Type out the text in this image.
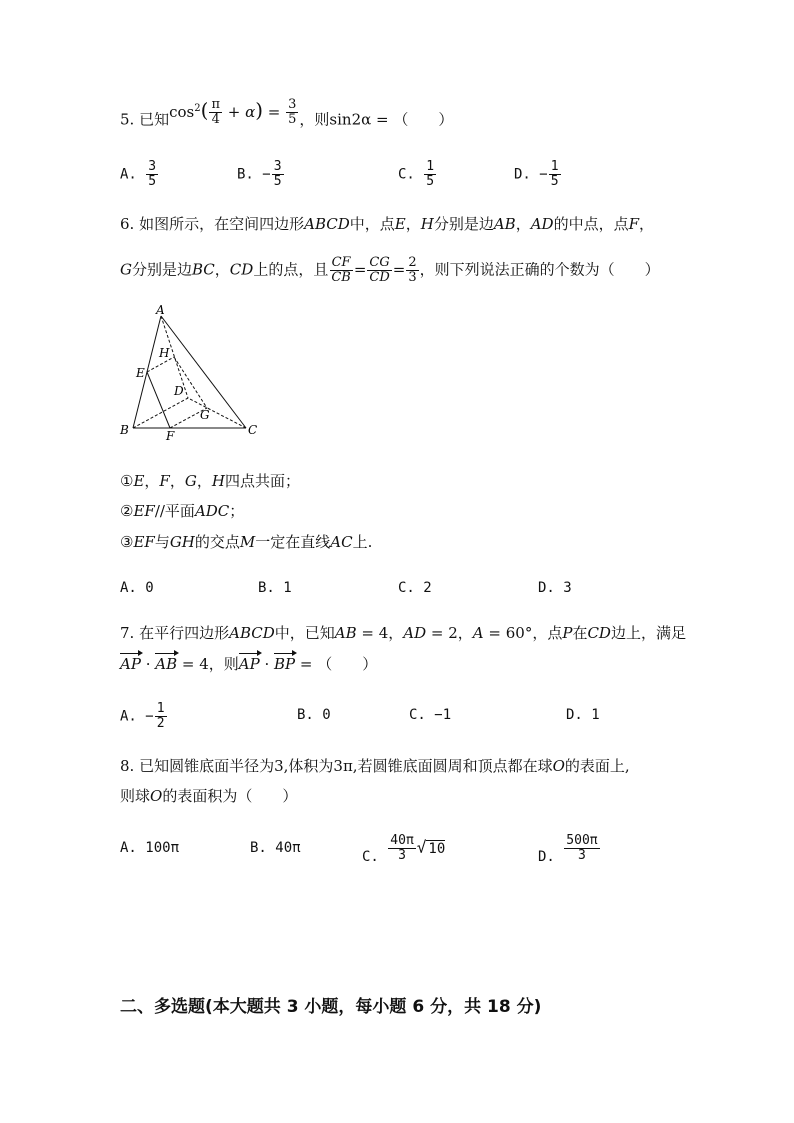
5. 已知$\cos^2( \frac{\pi}{4} + \alpha) = \frac{3}{5}$ ，则sin2α = （　　）
A. $\frac{3}{5}$	B. − $\frac{3}{5}$	C. $\frac{1}{5}$	D. − $\frac{1}{5}$
6. 如图所示，在空间四边形ABCD中，点E，H分别是边AB，AD的中点，点F，
G分别是边BC，CD上的点，且 $\frac{CF}{CB} = \frac{CG}{CD} = \frac{2}{3}$ ，则下列说法正确的个数为（　　）
A
B	C
D
E
F
G
H
①E，F，G，H四点共面；
②EF//平面ADC；
③EF与GH的交点M一定在直线AC上.
A. 0	B. 1	C. 2	D. 3
7. 在平行四边形ABCD中，已知AB = 4，AD = 2，A = 60°，点P在CD边上，满足
AP · AB = 4，则AP · BP = （　　）
A. − $\frac{1}{2}$	B. 0	C. −1	D. 1
8. 已知圆锥底面半径为3,体积为3π,若圆锥底面圆周和顶点都在球O的表面上,
则球O的表面积为（　　）
A. 100π	B. 40π
C. $\frac{40\pi}{3}$ √ 10	D. $\frac{500\pi}{3}$
二、多选题(本大题共 3 小题，每小题 6 分，共 18 分)
